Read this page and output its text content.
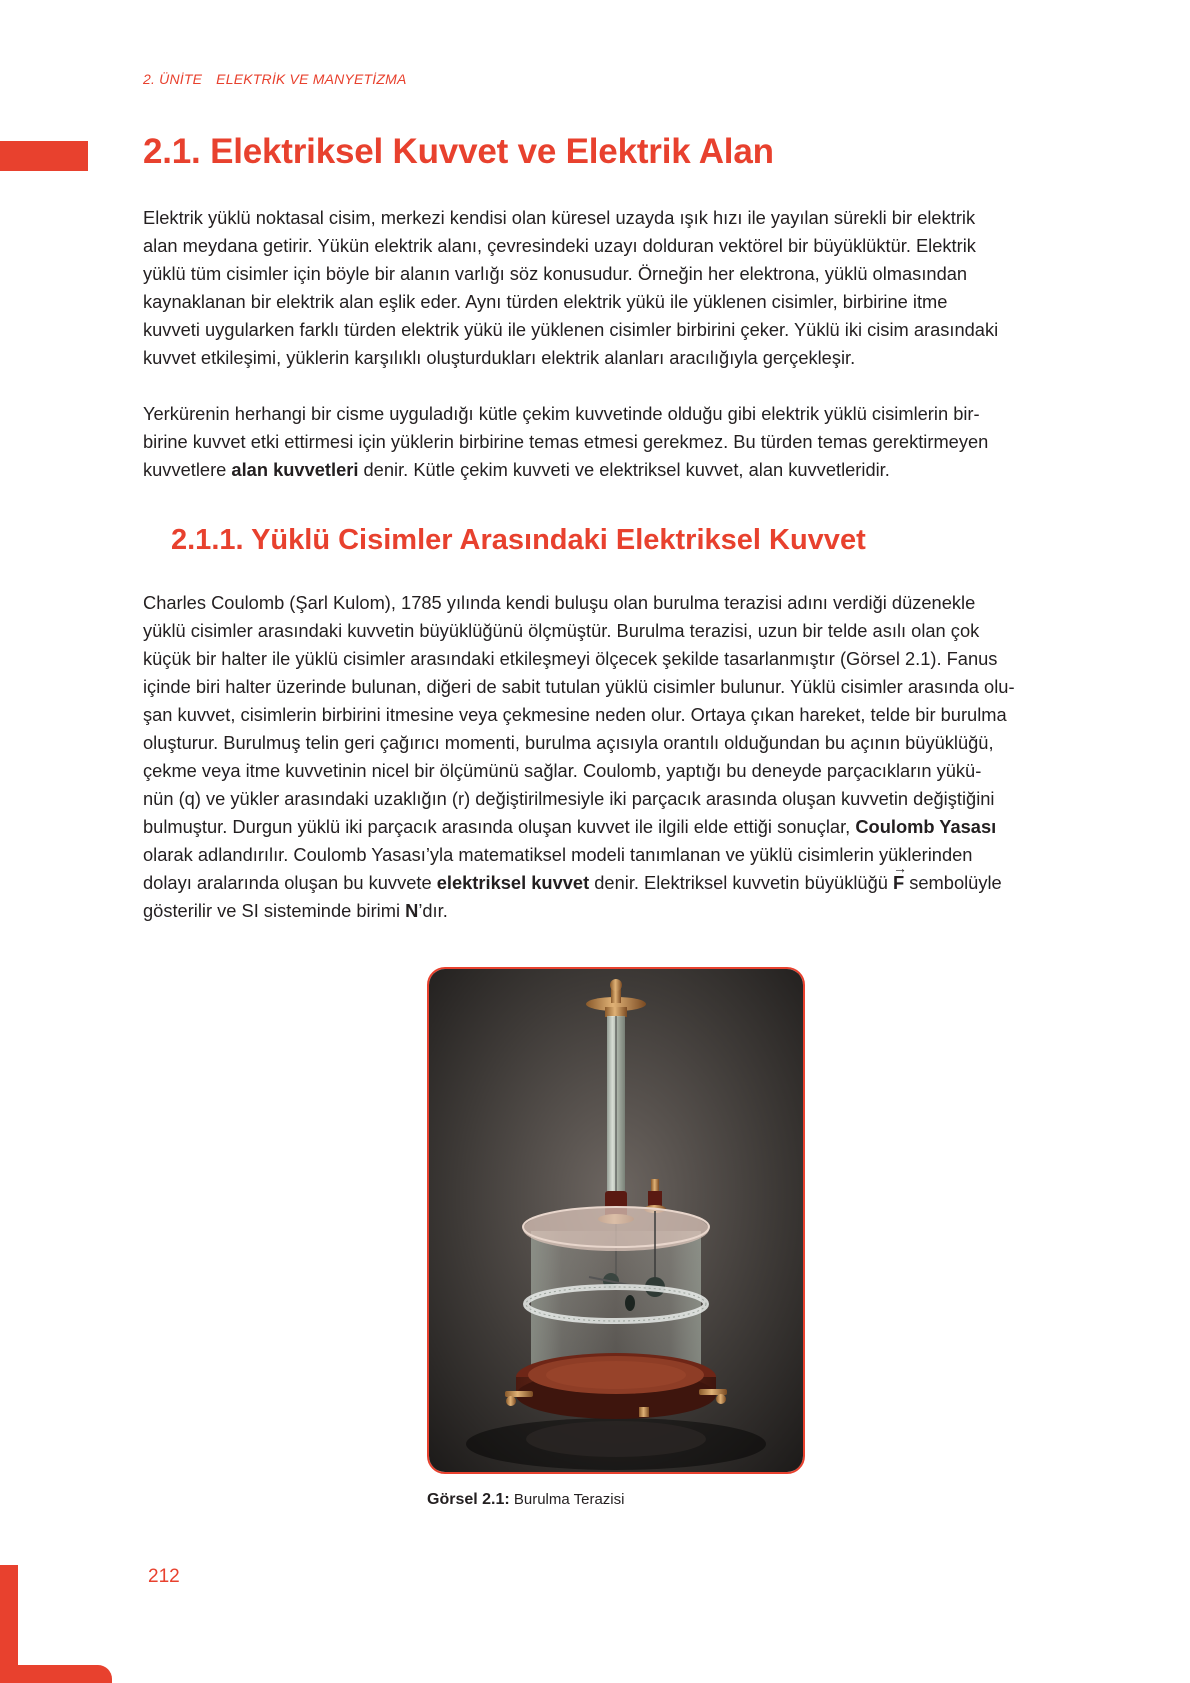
2. ÜNİTE ELEKTRİK VE MANYETİZMA
2.1. Elektriksel Kuvvet ve Elektrik Alan

Elektrik yüklü noktasal cisim, merkezi kendisi olan küresel uzayda ışık hızı ile yayılan sürekli bir elektrik
alan meydana getirir. Yükün elektrik alanı, çevresindeki uzayı dolduran vektörel bir büyüklüktür. Elektrik
yüklü tüm cisimler için böyle bir alanın varlığı söz konusudur. Örneğin her elektrona, yüklü olmasından
kaynaklanan bir elektrik alan eşlik eder. Aynı türden elektrik yükü ile yüklenen cisimler, birbirine itme
kuvveti uygularken farklı türden elektrik yükü ile yüklenen cisimler birbirini çeker. Yüklü iki cisim arasındaki
kuvvet etkileşimi, yüklerin karşılıklı oluşturdukları elektrik alanları aracılığıyla gerçekleşir.

Yerkürenin herhangi bir cisme uyguladığı kütle çekim kuvvetinde olduğu gibi elektrik yüklü cisimlerin bir-
birine kuvvet etki ettirmesi için yüklerin birbirine temas etmesi gerekmez. Bu türden temas gerektirmeyen
kuvvetlere alan kuvvetleri denir. Kütle çekim kuvveti ve elektriksel kuvvet, alan kuvvetleridir.

2.1.1. Yüklü Cisimler Arasındaki Elektriksel Kuvvet

Charles Coulomb (Şarl Kulom), 1785 yılında kendi buluşu olan burulma terazisi adını verdiği düzenekle
yüklü cisimler arasındaki kuvvetin büyüklüğünü ölçmüştür. Burulma terazisi, uzun bir telde asılı olan çok
küçük bir halter ile yüklü cisimler arasındaki etkileşmeyi ölçecek şekilde tasarlanmıştır (Görsel 2.1). Fanus
içinde biri halter üzerinde bulunan, diğeri de sabit tutulan yüklü cisimler bulunur. Yüklü cisimler arasında olu-
şan kuvvet, cisimlerin birbirini itmesine veya çekmesine neden olur. Ortaya çıkan hareket, telde bir burulma
oluşturur. Burulmuş telin geri çağırıcı momenti, burulma açısıyla orantılı olduğundan bu açının büyüklüğü,
çekme veya itme kuvvetinin nicel bir ölçümünü sağlar. Coulomb, yaptığı bu deneyde parçacıkların yükü-
nün (q) ve yükler arasındaki uzaklığın (r) değiştirilmesiyle iki parçacık arasında oluşan kuvvetin değiştiğini
bulmuştur. Durgun yüklü iki parçacık arasında oluşan kuvvet ile ilgili elde ettiği sonuçlar, Coulomb Yasası
olarak adlandırılır. Coulomb Yasası’yla matematiksel modeli tanımlanan ve yüklü cisimlerin yüklerinden
dolayı aralarında oluşan bu kuvvete elektriksel kuvvet denir. Elektriksel kuvvetin büyüklüğü → F sembolüyle
gösterilir ve SI sisteminde birimi N’dır.

Görsel 2.1: Burulma Terazisi
212
